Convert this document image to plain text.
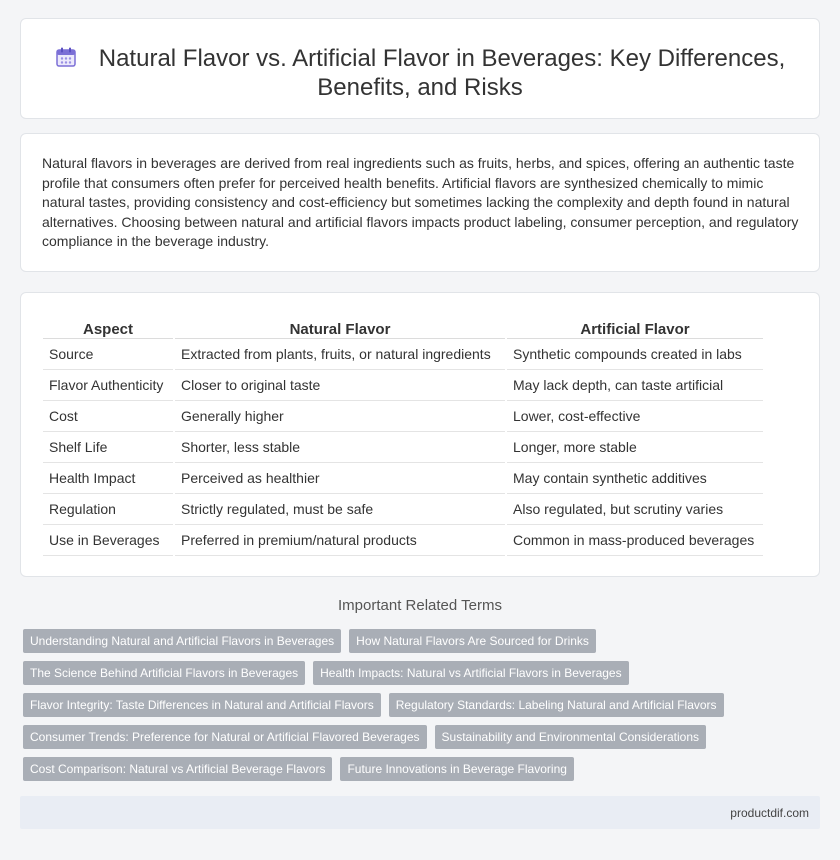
Natural Flavor vs. Artificial Flavor in Beverages: Key Differences, Benefits, and Risks

Natural flavors in beverages are derived from real ingredients such as fruits, herbs, and spices, offering an authentic taste profile that consumers often prefer for perceived health benefits. Artificial flavors are synthesized chemically to mimic natural tastes, providing consistency and cost-efficiency but sometimes lacking the complexity and depth found in natural alternatives. Choosing between natural and artificial flavors impacts product labeling, consumer perception, and regulatory compliance in the beverage industry.

Aspect	Natural Flavor	Artificial Flavor
Source	Extracted from plants, fruits, or natural ingredients	Synthetic compounds created in labs
Flavor Authenticity	Closer to original taste	May lack depth, can taste artificial
Cost	Generally higher	Lower, cost-effective
Shelf Life	Shorter, less stable	Longer, more stable
Health Impact	Perceived as healthier	May contain synthetic additives
Regulation	Strictly regulated, must be safe	Also regulated, but scrutiny varies
Use in Beverages	Preferred in premium/natural products	Common in mass-produced beverages
Important Related Terms
Understanding Natural and Artificial Flavors in Beverages	How Natural Flavors Are Sourced for Drinks
The Science Behind Artificial Flavors in Beverages	Health Impacts: Natural vs Artificial Flavors in Beverages
Flavor Integrity: Taste Differences in Natural and Artificial Flavors	Regulatory Standards: Labeling Natural and Artificial Flavors
Consumer Trends: Preference for Natural or Artificial Flavored Beverages	Sustainability and Environmental Considerations
Cost Comparison: Natural vs Artificial Beverage Flavors	Future Innovations in Beverage Flavoring
productdif.com
